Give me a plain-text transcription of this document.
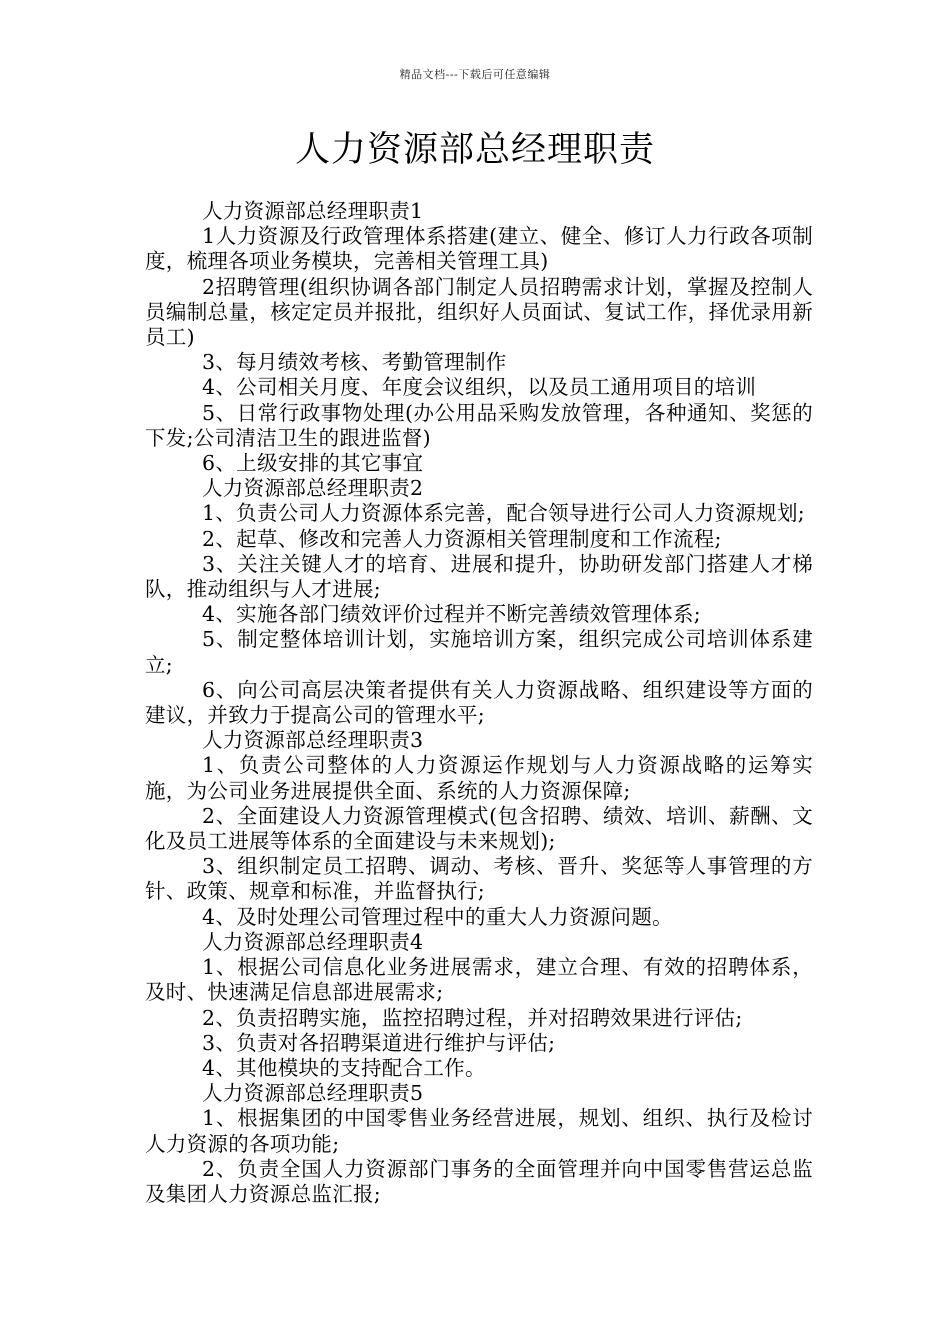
精品文档---下载后可任意编辑
人力资源部总经理职责

人力资源部总经理职责1

1人力资源及行政管理体系搭建(建立、健全、修订人力行政各项制度，梳理各项业务模块，完善相关管理工具)

2招聘管理(组织协调各部门制定人员招聘需求计划，掌握及控制人员编制总量，核定定员并报批，组织好人员面试、复试工作，择优录用新员工)

3、每月绩效考核、考勤管理制作

4、公司相关月度、年度会议组织，以及员工通用项目的培训

5、日常行政事物处理(办公用品采购发放管理，各种通知、奖惩的下发;公司清洁卫生的跟进监督)

6、上级安排的其它事宜

人力资源部总经理职责2

1、负责公司人力资源体系完善，配合领导进行公司人力资源规划;

2、起草、修改和完善人力资源相关管理制度和工作流程;

3、关注关键人才的培育、进展和提升，协助研发部门搭建人才梯队，推动组织与人才进展;

4、实施各部门绩效评价过程并不断完善绩效管理体系;

5、制定整体培训计划，实施培训方案，组织完成公司培训体系建立;

6、向公司高层决策者提供有关人力资源战略、组织建设等方面的建议，并致力于提高公司的管理水平;

人力资源部总经理职责3

1、负责公司整体的人力资源运作规划与人力资源战略的运筹实施，为公司业务进展提供全面、系统的人力资源保障;

2、全面建设人力资源管理模式(包含招聘、绩效、培训、薪酬、文化及员工进展等体系的全面建设与未来规划);

3、组织制定员工招聘、调动、考核、晋升、奖惩等人事管理的方针、政策、规章和标准，并监督执行;

4、及时处理公司管理过程中的重大人力资源问题。

人力资源部总经理职责4

1、根据公司信息化业务进展需求，建立合理、有效的招聘体系，及时、快速满足信息部进展需求;

2、负责招聘实施，监控招聘过程，并对招聘效果进行评估;

3、负责对各招聘渠道进行维护与评估;

4、其他模块的支持配合工作。

人力资源部总经理职责5

1、根据集团的中国零售业务经营进展，规划、组织、执行及检讨人力资源的各项功能;

2、负责全国人力资源部门事务的全面管理并向中国零售营运总监及集团人力资源总监汇报;
